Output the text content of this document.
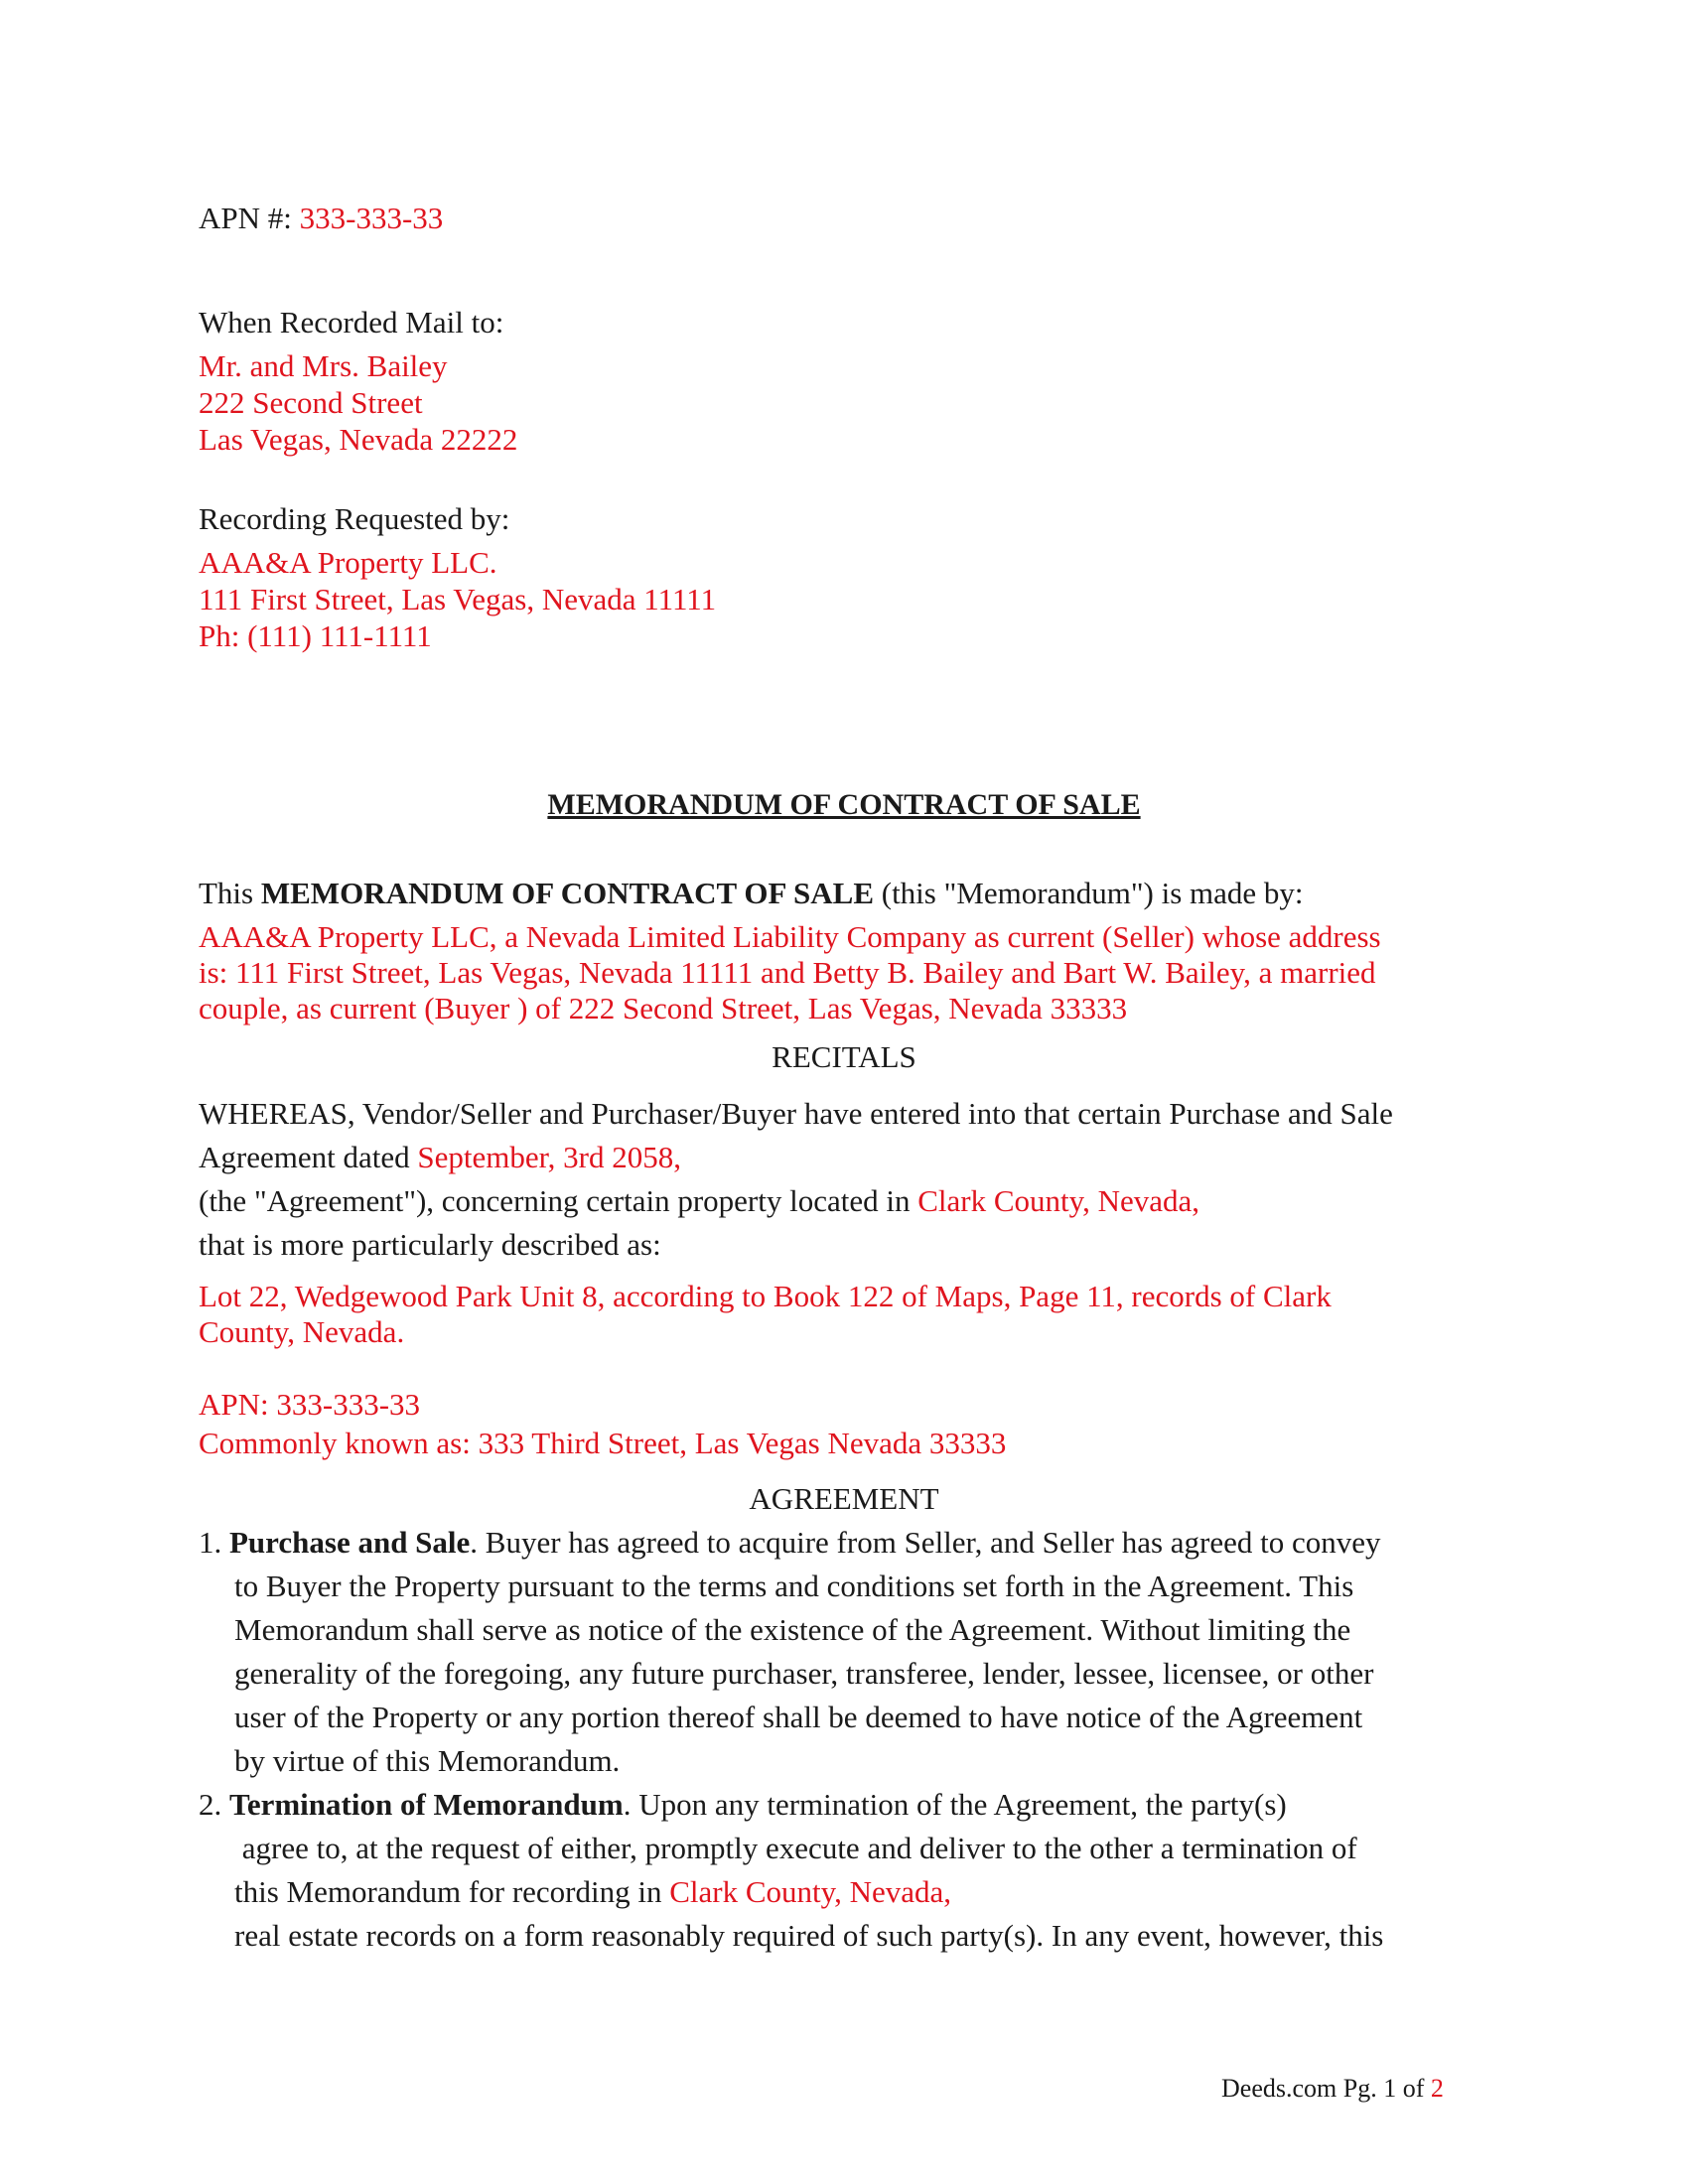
APN #: 333-333-33
When Recorded Mail to:
Mr. and Mrs. Bailey
222 Second Street
Las Vegas, Nevada 22222
Recording Requested by:
AAA&A Property LLC.
111 First Street, Las Vegas, Nevada 11111
Ph: (111) 111-1111
MEMORANDUM OF CONTRACT OF SALE
This MEMORANDUM OF CONTRACT OF SALE (this "Memorandum") is made by:
AAA&A Property LLC, a Nevada Limited Liability Company as current (Seller) whose address
is: 111 First Street, Las Vegas, Nevada 11111 and Betty B. Bailey and Bart W. Bailey, a married
couple, as current (Buyer ) of 222 Second Street, Las Vegas, Nevada 33333
RECITALS
WHEREAS, Vendor/Seller and Purchaser/Buyer have entered into that certain Purchase and Sale
Agreement dated September, 3rd 2058,
(the "Agreement"), concerning certain property located in Clark County, Nevada,
that is more particularly described as:
Lot 22, Wedgewood Park Unit 8, according to Book 122 of Maps, Page 11, records of Clark
County, Nevada.
APN: 333-333-33
Commonly known as: 333 Third Street, Las Vegas Nevada 33333
AGREEMENT
1. Purchase and Sale. Buyer has agreed to acquire from Seller, and Seller has agreed to convey
to Buyer the Property pursuant to the terms and conditions set forth in the Agreement. This
Memorandum shall serve as notice of the existence of the Agreement. Without limiting the
generality of the foregoing, any future purchaser, transferee, lender, lessee, licensee, or other
user of the Property or any portion thereof shall be deemed to have notice of the Agreement
by virtue of this Memorandum.
2. Termination of Memorandum. Upon any termination of the Agreement, the party(s)
agree to, at the request of either, promptly execute and deliver to the other a termination of
this Memorandum for recording in Clark County, Nevada,
real estate records on a form reasonably required of such party(s). In any event, however, this
Deeds.com Pg. 1 of 2
